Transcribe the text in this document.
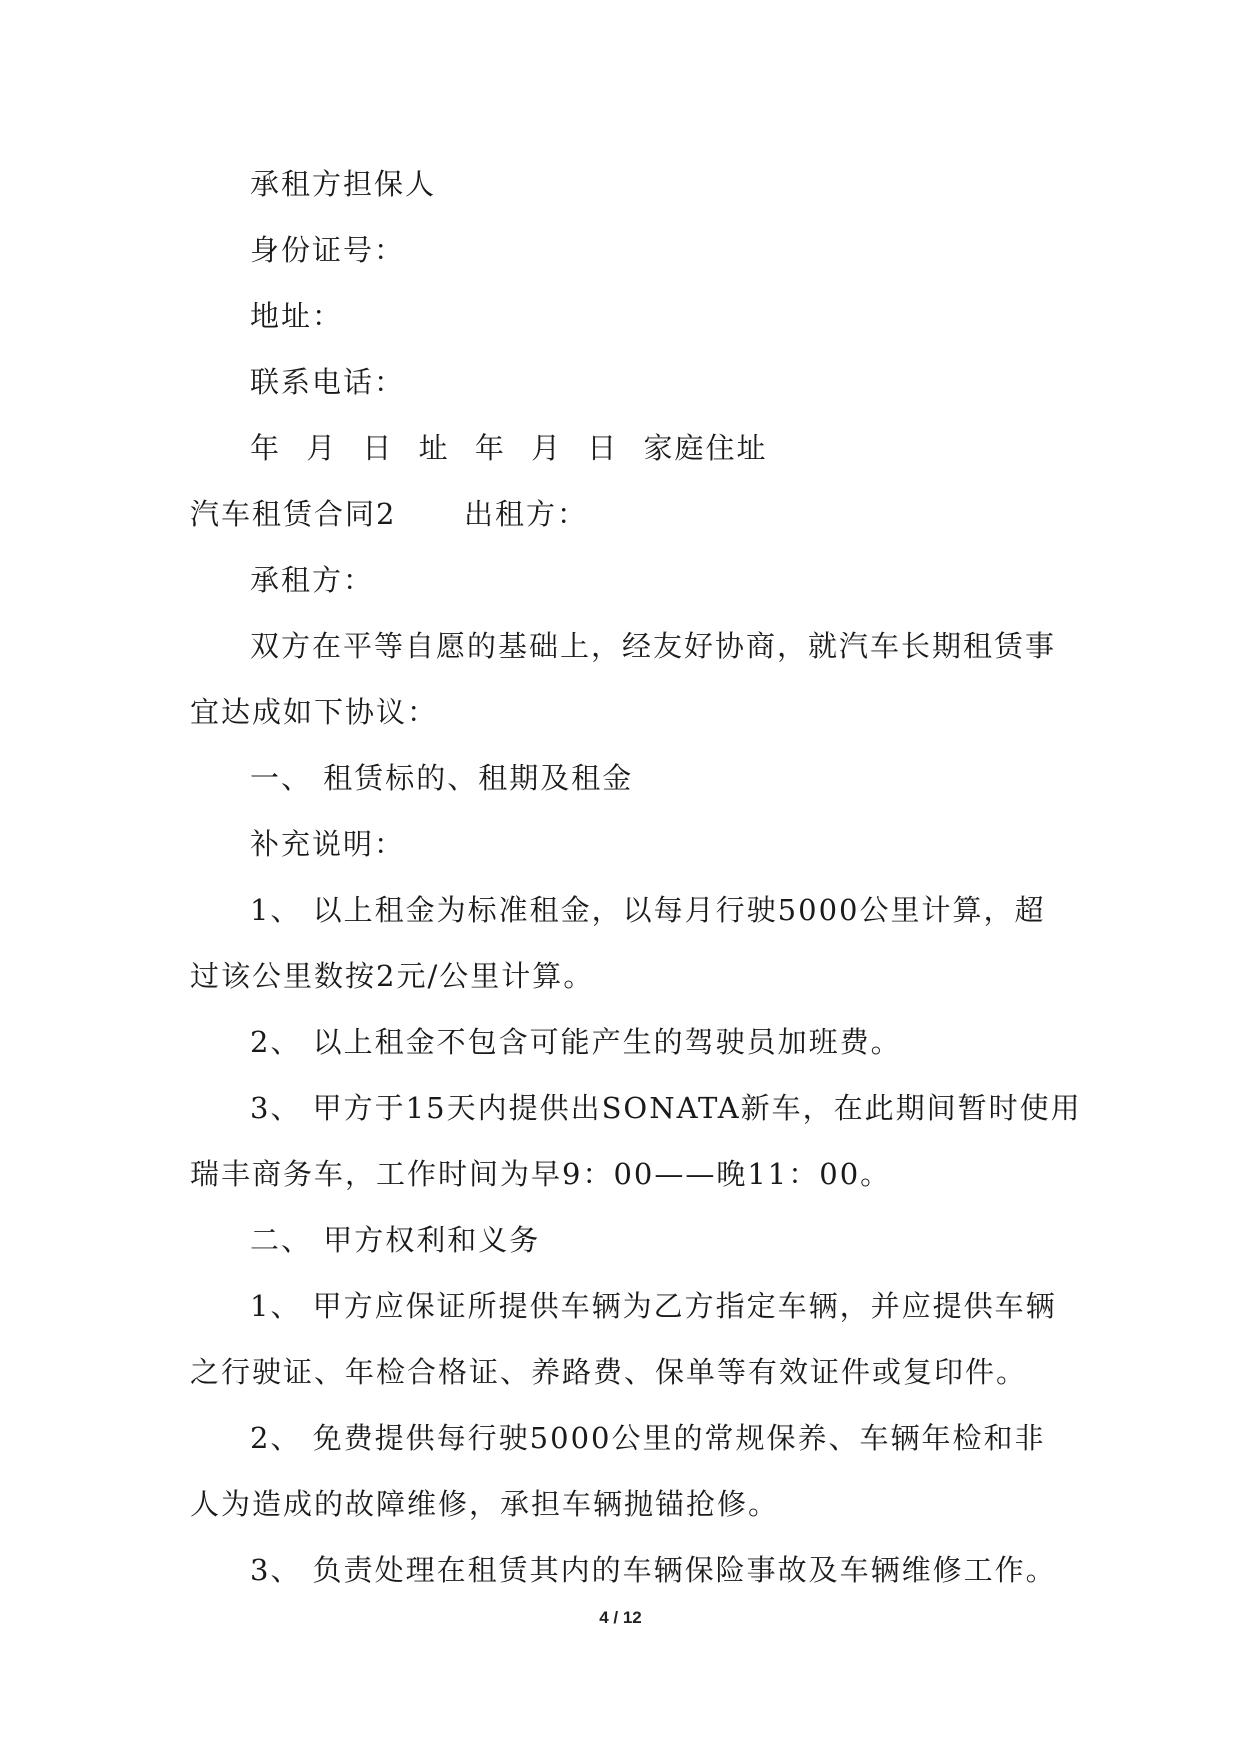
承租方担保人
身份证号：
地址：
联系电话：
年 月 日 址 年 月 日 家庭住址
汽车租赁合同2 出租方：
承租方：
双方在平等自愿的基础上，经友好协商，就汽车长期租赁事
宜达成如下协议：
一、 租赁标的、租期及租金
补充说明：
1、 以上租金为标准租金，以每月行驶5000公里计算，超
过该公里数按2元/公里计算。
2、 以上租金不包含可能产生的驾驶员加班费。
3、 甲方于15天内提供出SONATA新车，在此期间暂时使用
瑞丰商务车，工作时间为早9：00——晚11：00。
二、 甲方权利和义务
1、 甲方应保证所提供车辆为乙方指定车辆，并应提供车辆
之行驶证、年检合格证、养路费、保单等有效证件或复印件。
2、 免费提供每行驶5000公里的常规保养、车辆年检和非
人为造成的故障维修，承担车辆抛锚抢修。
3、 负责处理在租赁其内的车辆保险事故及车辆维修工作。
4 / 12
